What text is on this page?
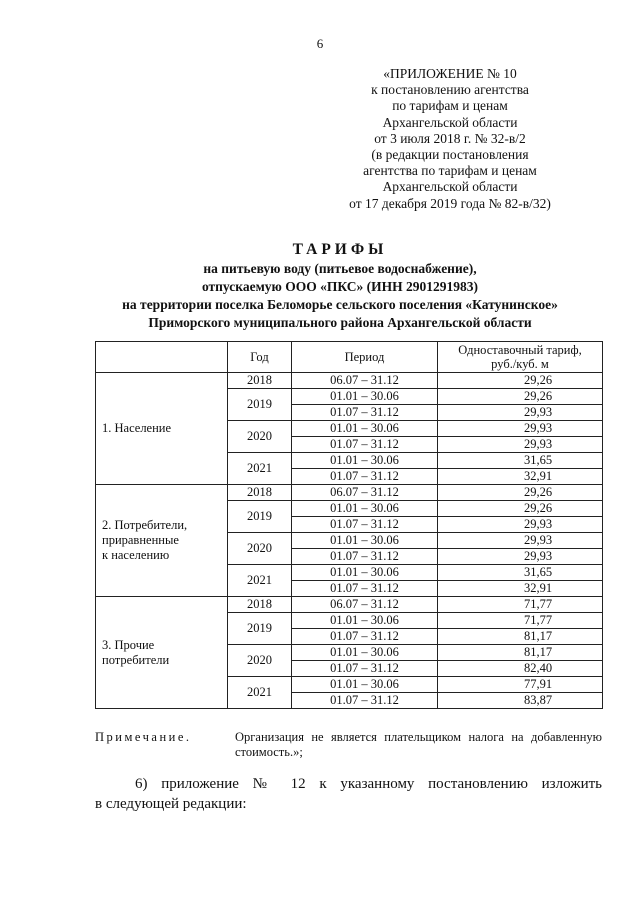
6
«ПРИЛОЖЕНИЕ № 10
к постановлению агентства
по тарифам и ценам
Архангельской области
от 3 июля 2018 г. № 32-в/2
(в редакции постановления
агентства по тарифам и ценам
Архангельской области
от 17 декабря 2019 года № 82-в/32)
ТАРИФЫ
на питьевую воду (питьевое водоснабжение),
отпускаемую ООО «ПКС» (ИНН 2901291983)
на территории поселка Беломорье сельского поселения «Катунинское»
Приморского муниципального района Архангельской области
	Год	Период	Одноставочный тариф,
руб./куб. м

1. Население	2018	06.07 – 31.12	29,26
	2019	01.01 – 30.06	29,26
		01.07 – 31.12	29,93
	2020	01.01 – 30.06	29,93
		01.07 – 31.12	29,93
	2021	01.01 – 30.06	31,65
		01.07 – 31.12	32,91

2. Потребители,
приравненные
к населению	2018	06.07 – 31.12	29,26
	2019	01.01 – 30.06	29,26
		01.07 – 31.12	29,93
	2020	01.01 – 30.06	29,93
		01.07 – 31.12	29,93
	2021	01.01 – 30.06	31,65
		01.07 – 31.12	32,91

3. Прочие
потребители	2018	06.07 – 31.12	71,77
	2019	01.01 – 30.06	71,77
		01.07 – 31.12	81,17
	2020	01.01 – 30.06	81,17
		01.07 – 31.12	82,40
	2021	01.01 – 30.06	77,91
		01.07 – 31.12	83,87
Примечание.	Организация не является плательщиком налога на добавленную стоимость.»;
6) приложение № 12 к указанному постановлению изложить
в следующей редакции:
